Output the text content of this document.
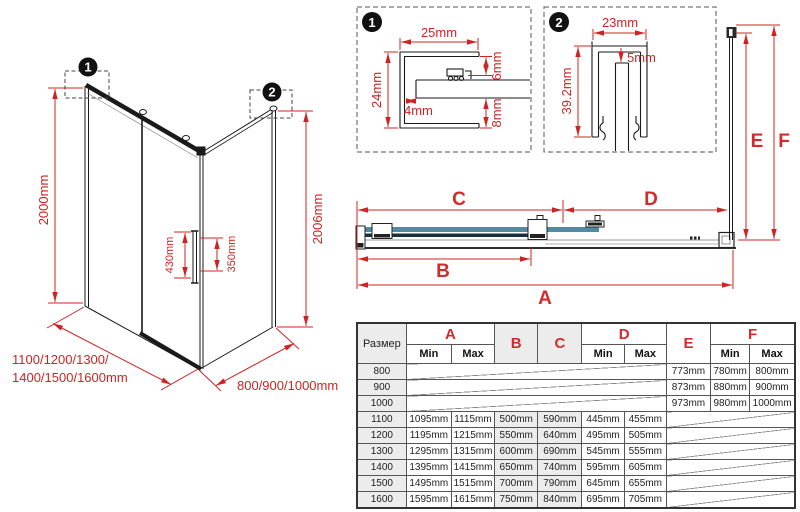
1
2
2000mm	2006mm
430mm	350mm
1100/1200/1300/
1400/1500/1600mm
800/900/1000mm
1
25mm
24mm
4mm
6mm
8mm
2	23mm
5mm
39.2mm
C	D
B
A
E F
Размер	A		B	C	D		E	F	
	Min	Max			Min	Max		Min	Max
800							773mm	780mm	800mm
900							873mm	880mm	900mm
1000							973mm	980mm	1000mm
1100	1095mm	1115mm	500mm	590mm	445mm	455mm			
1200	1195mm	1215mm	550mm	640mm	495mm	505mm			
1300	1295mm	1315mm	600mm	690mm	545mm	555mm			
1400	1395mm	1415mm	650mm	740mm	595mm	605mm			
1500	1495mm	1515mm	700mm	790mm	645mm	655mm			
1600	1595mm	1615mm	750mm	840mm	695mm	705mm			
